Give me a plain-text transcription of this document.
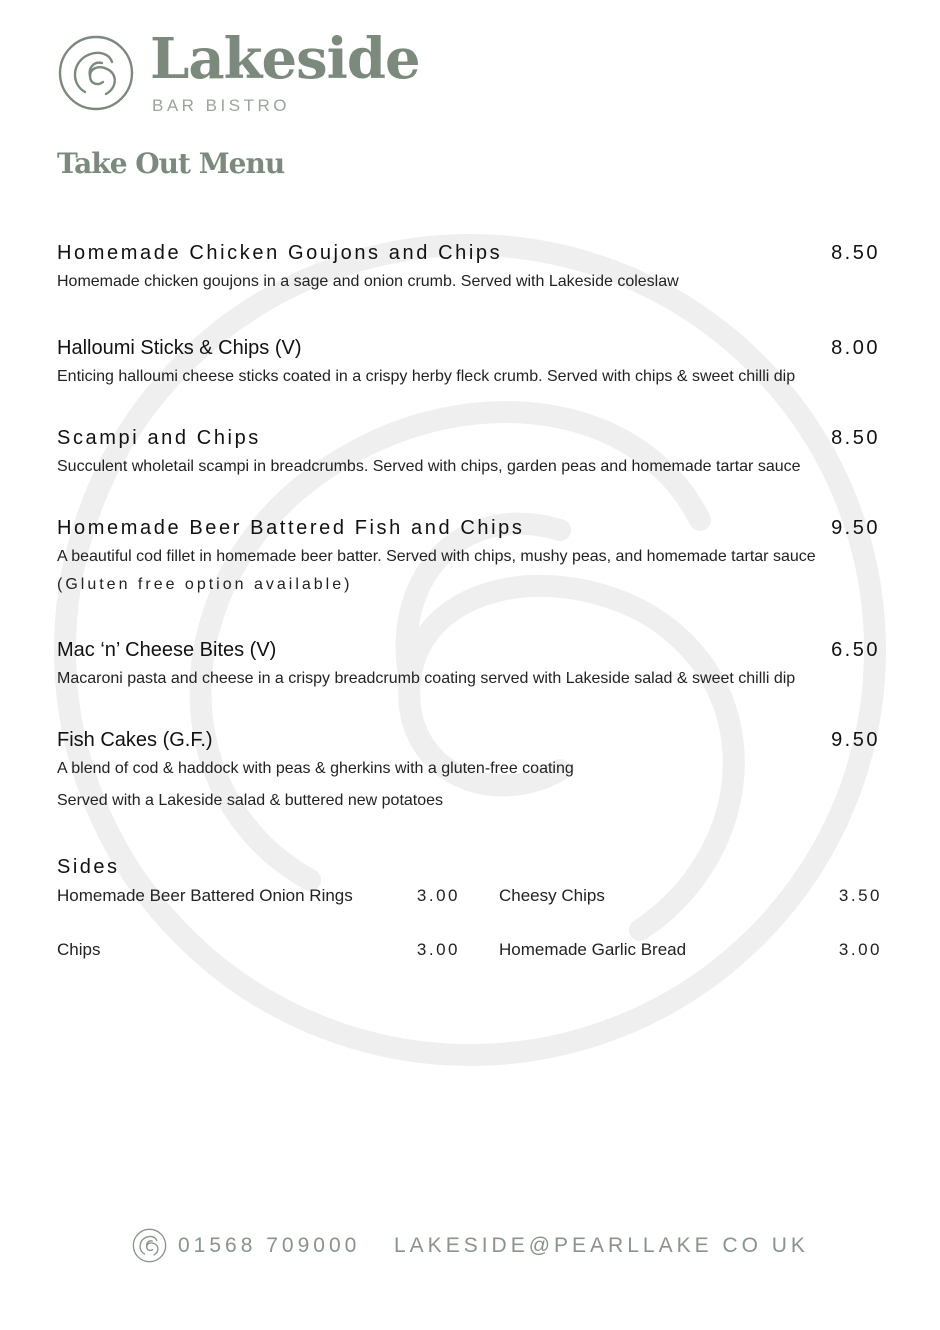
Lakeside
BAR BISTRO
Take Out Menu
Homemade Chicken Goujons and Chips	8.50
Homemade chicken goujons in a sage and onion crumb. Served with Lakeside coleslaw
Halloumi Sticks & Chips (V)	8.00
Enticing halloumi cheese sticks coated in a crispy herby fleck crumb. Served with chips & sweet chilli dip
Scampi and Chips	8.50
Succulent wholetail scampi in breadcrumbs. Served with chips, garden peas and homemade tartar sauce
Homemade Beer Battered Fish and Chips	9.50
A beautiful cod fillet in homemade beer batter. Served with chips, mushy peas, and homemade tartar sauce
(Gluten free option available)
Mac ‘n’ Cheese Bites (V)	6.50
Macaroni pasta and cheese in a crispy breadcrumb coating served with Lakeside salad & sweet chilli dip
Fish Cakes (G.F.)	9.50
A blend of cod & haddock with peas & gherkins with a gluten-free coating
Served with a Lakeside salad & buttered new potatoes
Sides
Homemade Beer Battered Onion Rings	3.00 Cheesy Chips	3.50
Chips	3.00 Homemade Garlic Bread	3.00
01568 709000 LAKESIDE@PEARLLAKE CO UK
